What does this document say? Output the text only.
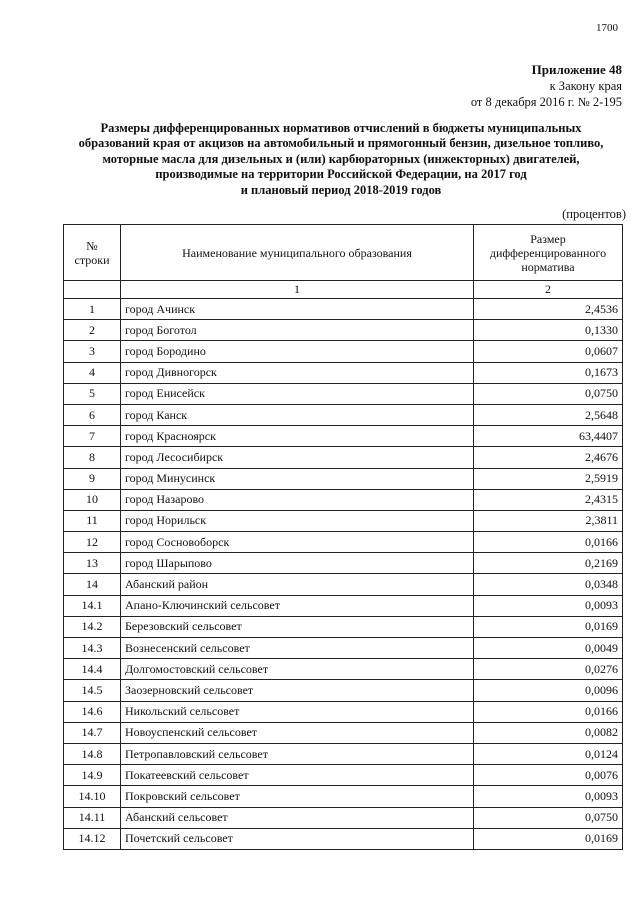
1700
Приложение 48
к Закону края
от 8 декабря 2016 г. № 2-195
Размеры дифференцированных нормативов отчислений в бюджеты муниципальных
образований края от акцизов на автомобильный и прямогонный бензин, дизельное топливо,
моторные масла для дизельных и (или) карбюраторных (инжекторных) двигателей,
производимые на территории Российской Федерации, на 2017 год
и плановый период 2018-2019 годов
(процентов)
№ строки	Наименование муниципального образования	Размер дифференцированного норматива
	1	2
1	город Ачинск	2,4536
2	город Боготол	0,1330
3	город Бородино	0,0607
4	город Дивногорск	0,1673
5	город Енисейск	0,0750
6	город Канск	2,5648
7	город Красноярск	63,4407
8	город Лесосибирск	2,4676
9	город Минусинск	2,5919
10	город Назарово	2,4315
11	город Норильск	2,3811
12	город Сосновоборск	0,0166
13	город Шарыпово	0,2169
14	Абанский район	0,0348
14.1	Апано-Ключинский сельсовет	0,0093
14.2	Березовский сельсовет	0,0169
14.3	Вознесенский сельсовет	0,0049
14.4	Долгомостовский сельсовет	0,0276
14.5	Заозерновский сельсовет	0,0096
14.6	Никольский сельсовет	0,0166
14.7	Новоуспенский сельсовет	0,0082
14.8	Петропавловский сельсовет	0,0124
14.9	Покатеевский сельсовет	0,0076
14.10	Покровский сельсовет	0,0093
14.11	Абанский сельсовет	0,0750
14.12	Почетский сельсовет	0,0169
